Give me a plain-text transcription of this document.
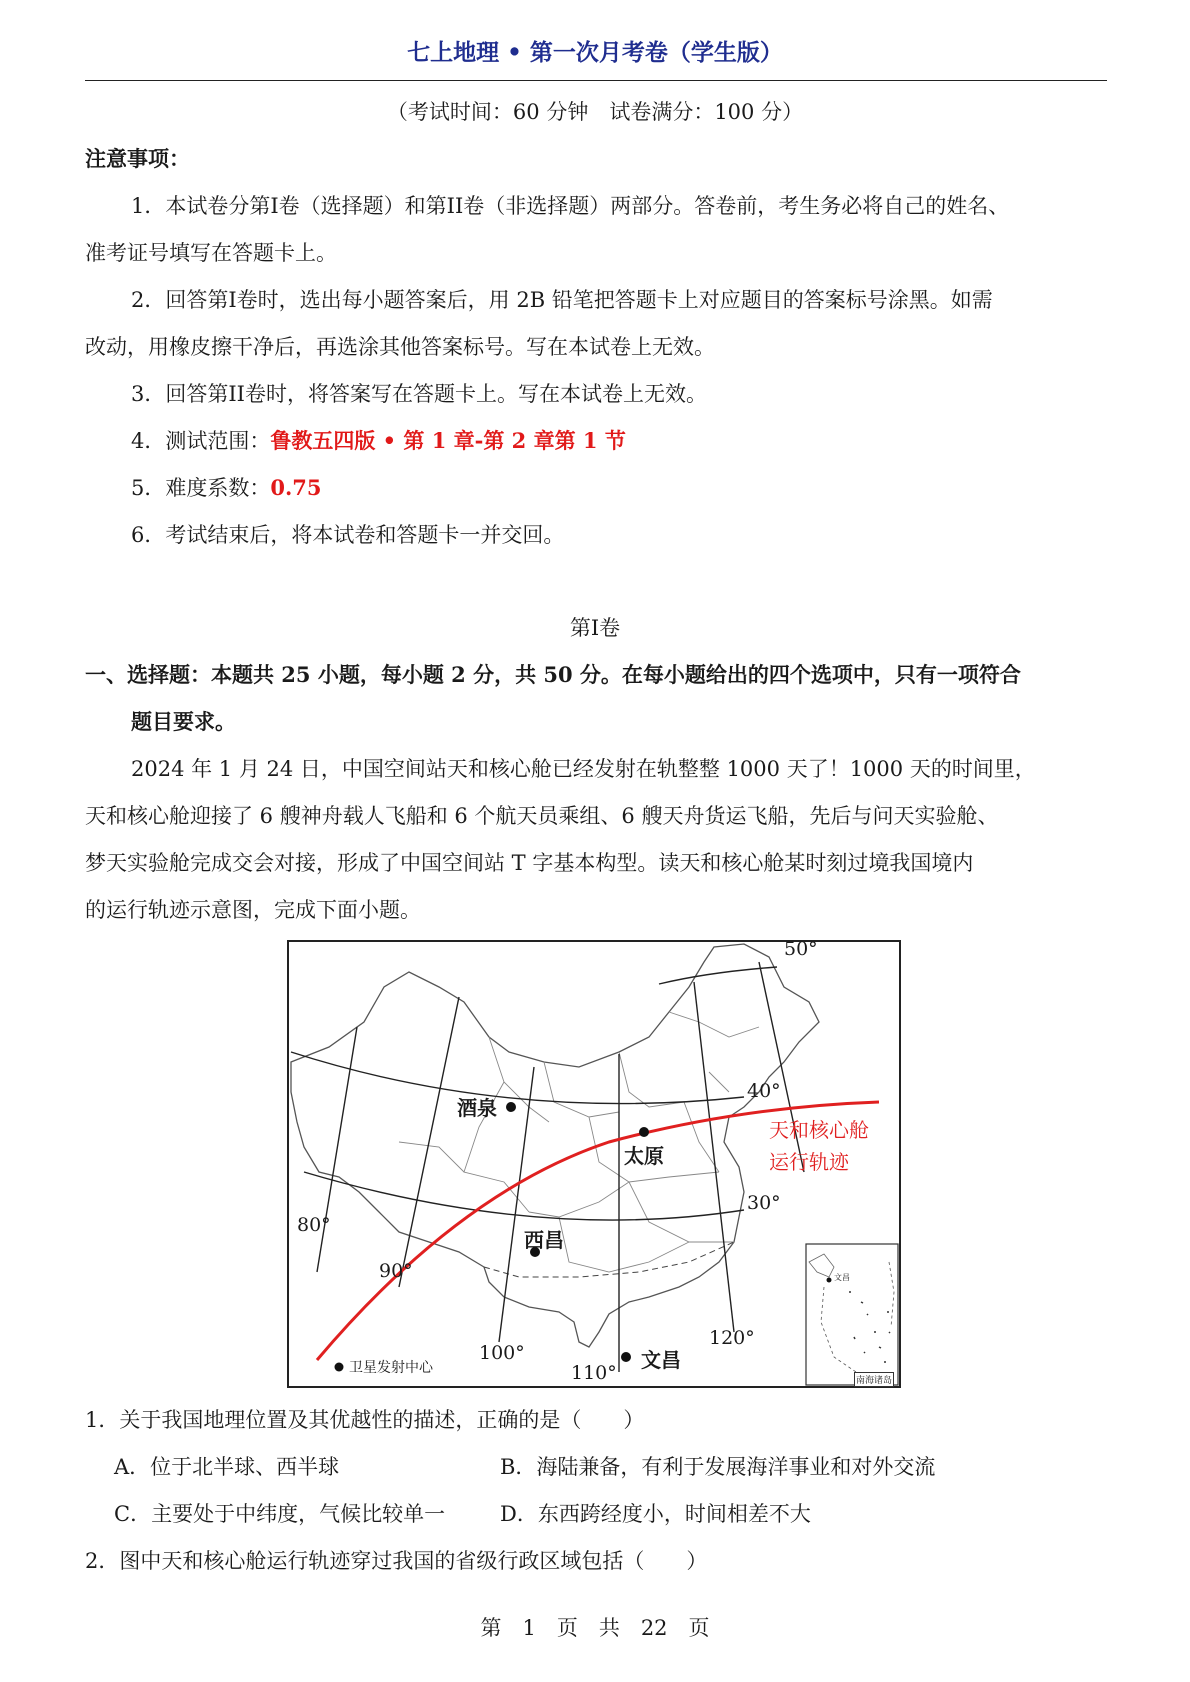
七上地理 • 第一次月考卷（学生版）
（考试时间：60 分钟　试卷满分：100 分）
注意事项：
1．本试卷分第I卷（选择题）和第II卷（非选择题）两部分。答卷前，考生务必将自己的姓名、
准考证号填写在答题卡上。
2．回答第I卷时，选出每小题答案后，用 2B 铅笔把答题卡上对应题目的答案标号涂黑。如需
改动，用橡皮擦干净后，再选涂其他答案标号。写在本试卷上无效。
3．回答第II卷时，将答案写在答题卡上。写在本试卷上无效。
4．测试范围：鲁教五四版 • 第 1 章-第 2 章第 1 节
5．难度系数：0.75
6．考试结束后，将本试卷和答题卡一并交回。
第I卷
一、选择题：本题共 25 小题，每小题 2 分，共 50 分。在每小题给出的四个选项中，只有一项符合
题目要求。
2024 年 1 月 24 日，中国空间站天和核心舱已经发射在轨整整 1000 天了！1000 天的时间里，
天和核心舱迎接了 6 艘神舟载人飞船和 6 个航天员乘组、6 艘天舟货运飞船，先后与问天实验舱、
梦天实验舱完成交会对接，形成了中国空间站 T 字基本构型。读天和核心舱某时刻过境我国境内
的运行轨迹示意图，完成下面小题。
50°
40°
30°
80°
90°
100°
110°
120°
酒泉
太原
西昌
文昌
天和核心舱
运行轨迹
卫星发射中心
文昌
南海诸岛
1．关于我国地理位置及其优越性的描述，正确的是（　　）
A．位于北半球、西半球	B．海陆兼备，有利于发展海洋事业和对外交流
C．主要处于中纬度，气候比较单一	D．东西跨经度小，时间相差不大
2．图中天和核心舱运行轨迹穿过我国的省级行政区域包括（　　）
第　1　页　共　22　页
